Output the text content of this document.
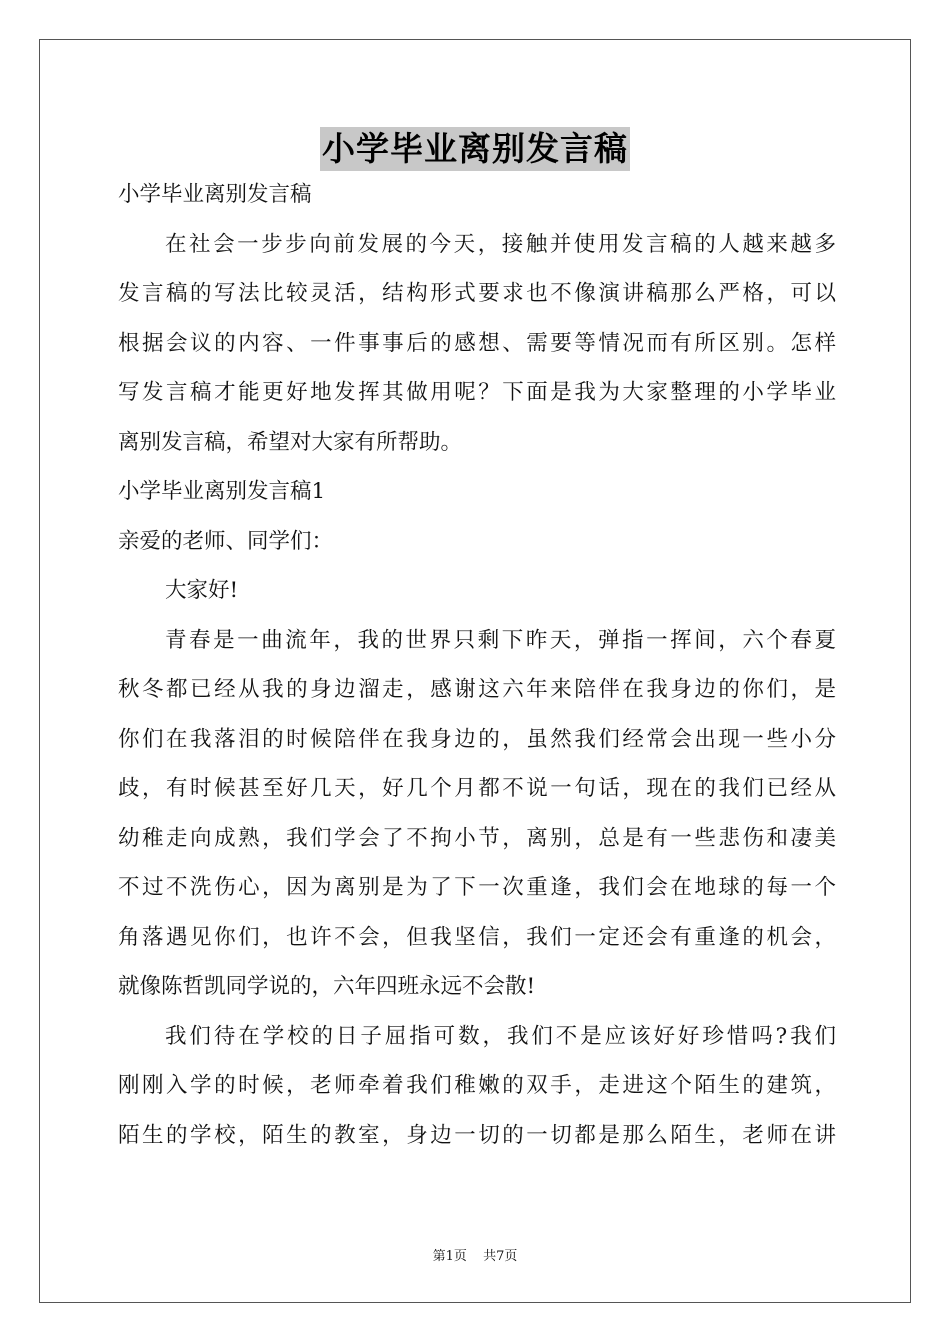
小学毕业离别发言稿
小学毕业离别发言稿
在社会一步步向前发展的今天，接触并使用发言稿的人越来越多
发言稿的写法比较灵活，结构形式要求也不像演讲稿那么严格，可以
根据会议的内容、一件事事后的感想、需要等情况而有所区别。怎样
写发言稿才能更好地发挥其做用呢？下面是我为大家整理的小学毕业
离别发言稿，希望对大家有所帮助。
小学毕业离别发言稿1
亲爱的老师、同学们：
大家好!
青春是一曲流年，我的世界只剩下昨天，弹指一挥间，六个春夏
秋冬都已经从我的身边溜走，感谢这六年来陪伴在我身边的你们，是
你们在我落泪的时候陪伴在我身边的，虽然我们经常会出现一些小分
歧，有时候甚至好几天，好几个月都不说一句话，现在的我们已经从
幼稚走向成熟，我们学会了不拘小节，离别，总是有一些悲伤和凄美
不过不洗伤心，因为离别是为了下一次重逢，我们会在地球的每一个
角落遇见你们，也许不会，但我坚信，我们一定还会有重逢的机会，
就像陈哲凯同学说的，六年四班永远不会散!
我们待在学校的日子屈指可数，我们不是应该好好珍惜吗?我们
刚刚入学的时候，老师牵着我们稚嫩的双手，走进这个陌生的建筑，
陌生的学校，陌生的教室，身边一切的一切都是那么陌生，老师在讲
第1页 共7页
